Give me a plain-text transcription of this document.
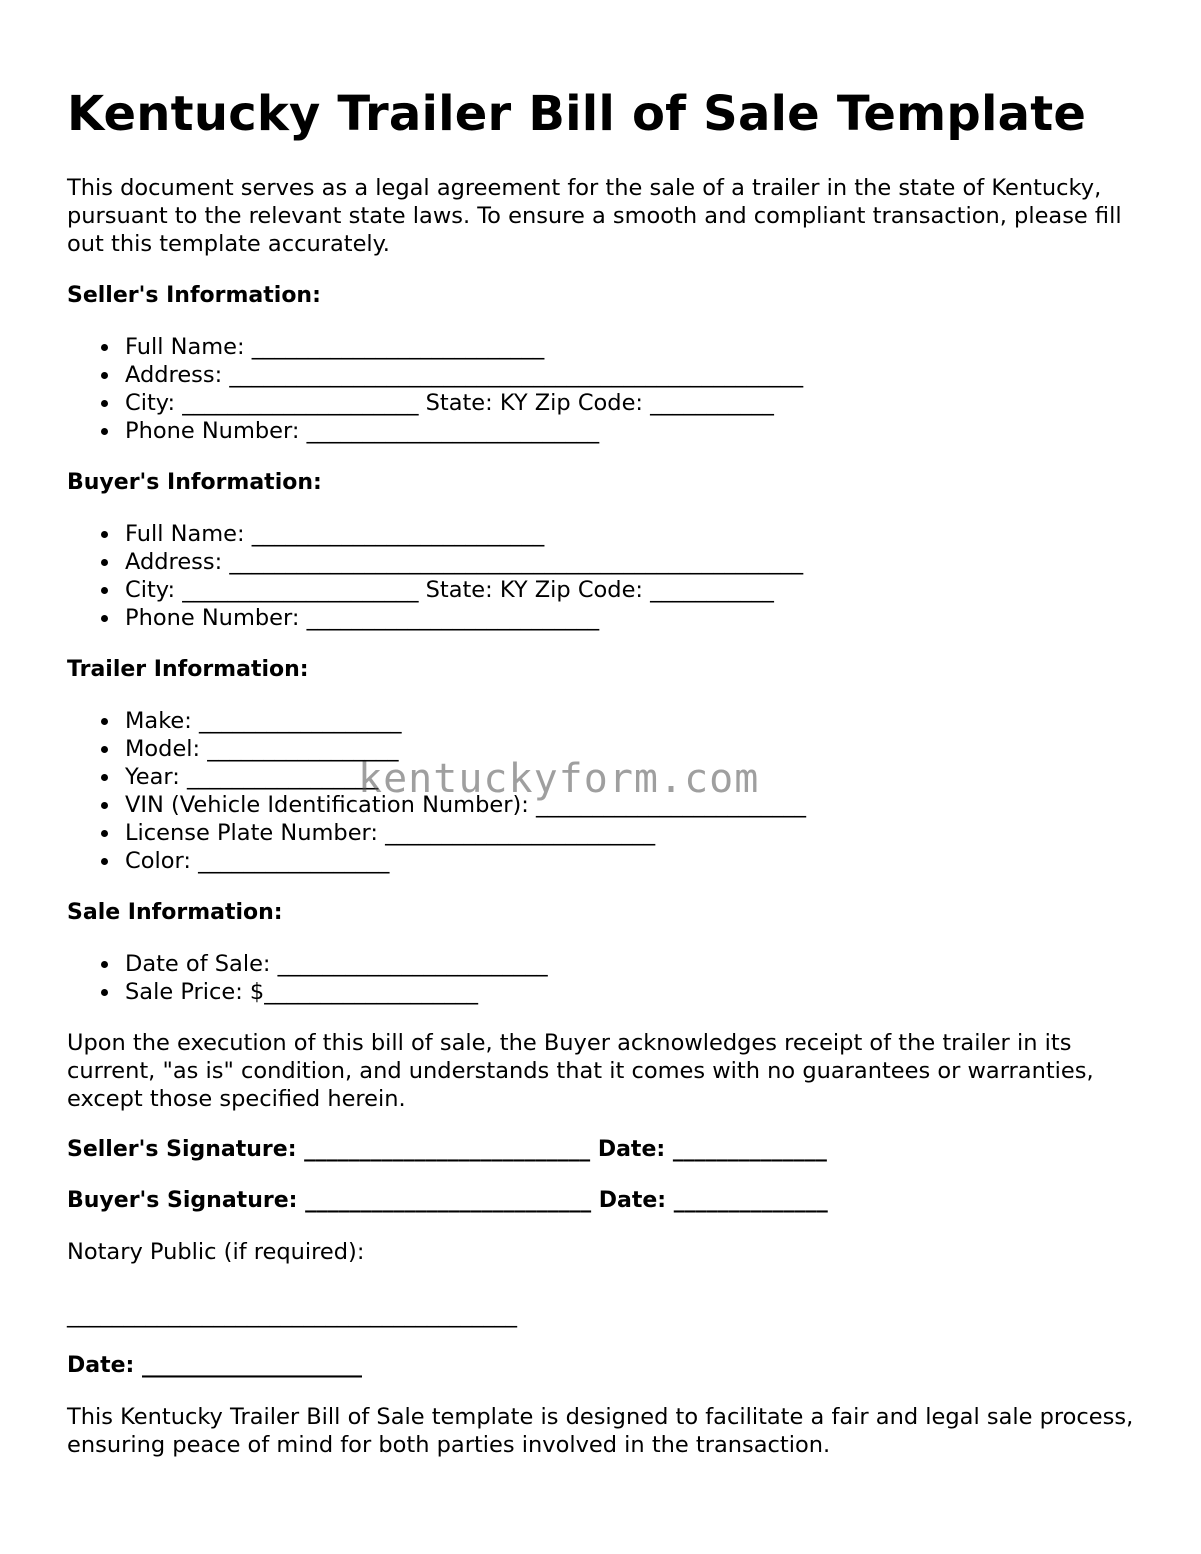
Kentucky Trailer Bill of Sale Template

This document serves as a legal agreement for the sale of a trailer in the state of Kentucky, pursuant to the relevant state laws. To ensure a smooth and compliant transaction, please fill out this template accurately.

Seller's Information:
Full Name: __________________________
Address: ___________________________________________________
City: _____________________ State: KY Zip Code: ___________
Phone Number: __________________________
Buyer's Information:
Full Name: __________________________
Address: ___________________________________________________
City: _____________________ State: KY Zip Code: ___________
Phone Number: __________________________
Trailer Information:
Make: __________________
Model: _________________
Year: _________________
VIN (Vehicle Identification Number): ________________________
License Plate Number: ________________________
Color: _________________
Sale Information:
Date of Sale: ________________________
Sale Price: $___________________

Upon the execution of this bill of sale, the Buyer acknowledges receipt of the trailer in its current, "as is" condition, and understands that it comes with no guarantees or warranties, except those specified herein.

Seller's Signature: __________________________ Date: ______________
Buyer's Signature: __________________________ Date: ______________

Notary Public (if required):

________________________________________
Date: ____________________

This Kentucky Trailer Bill of Sale template is designed to facilitate a fair and legal sale process, ensuring peace of mind for both parties involved in the transaction.

kentuckyform.com
